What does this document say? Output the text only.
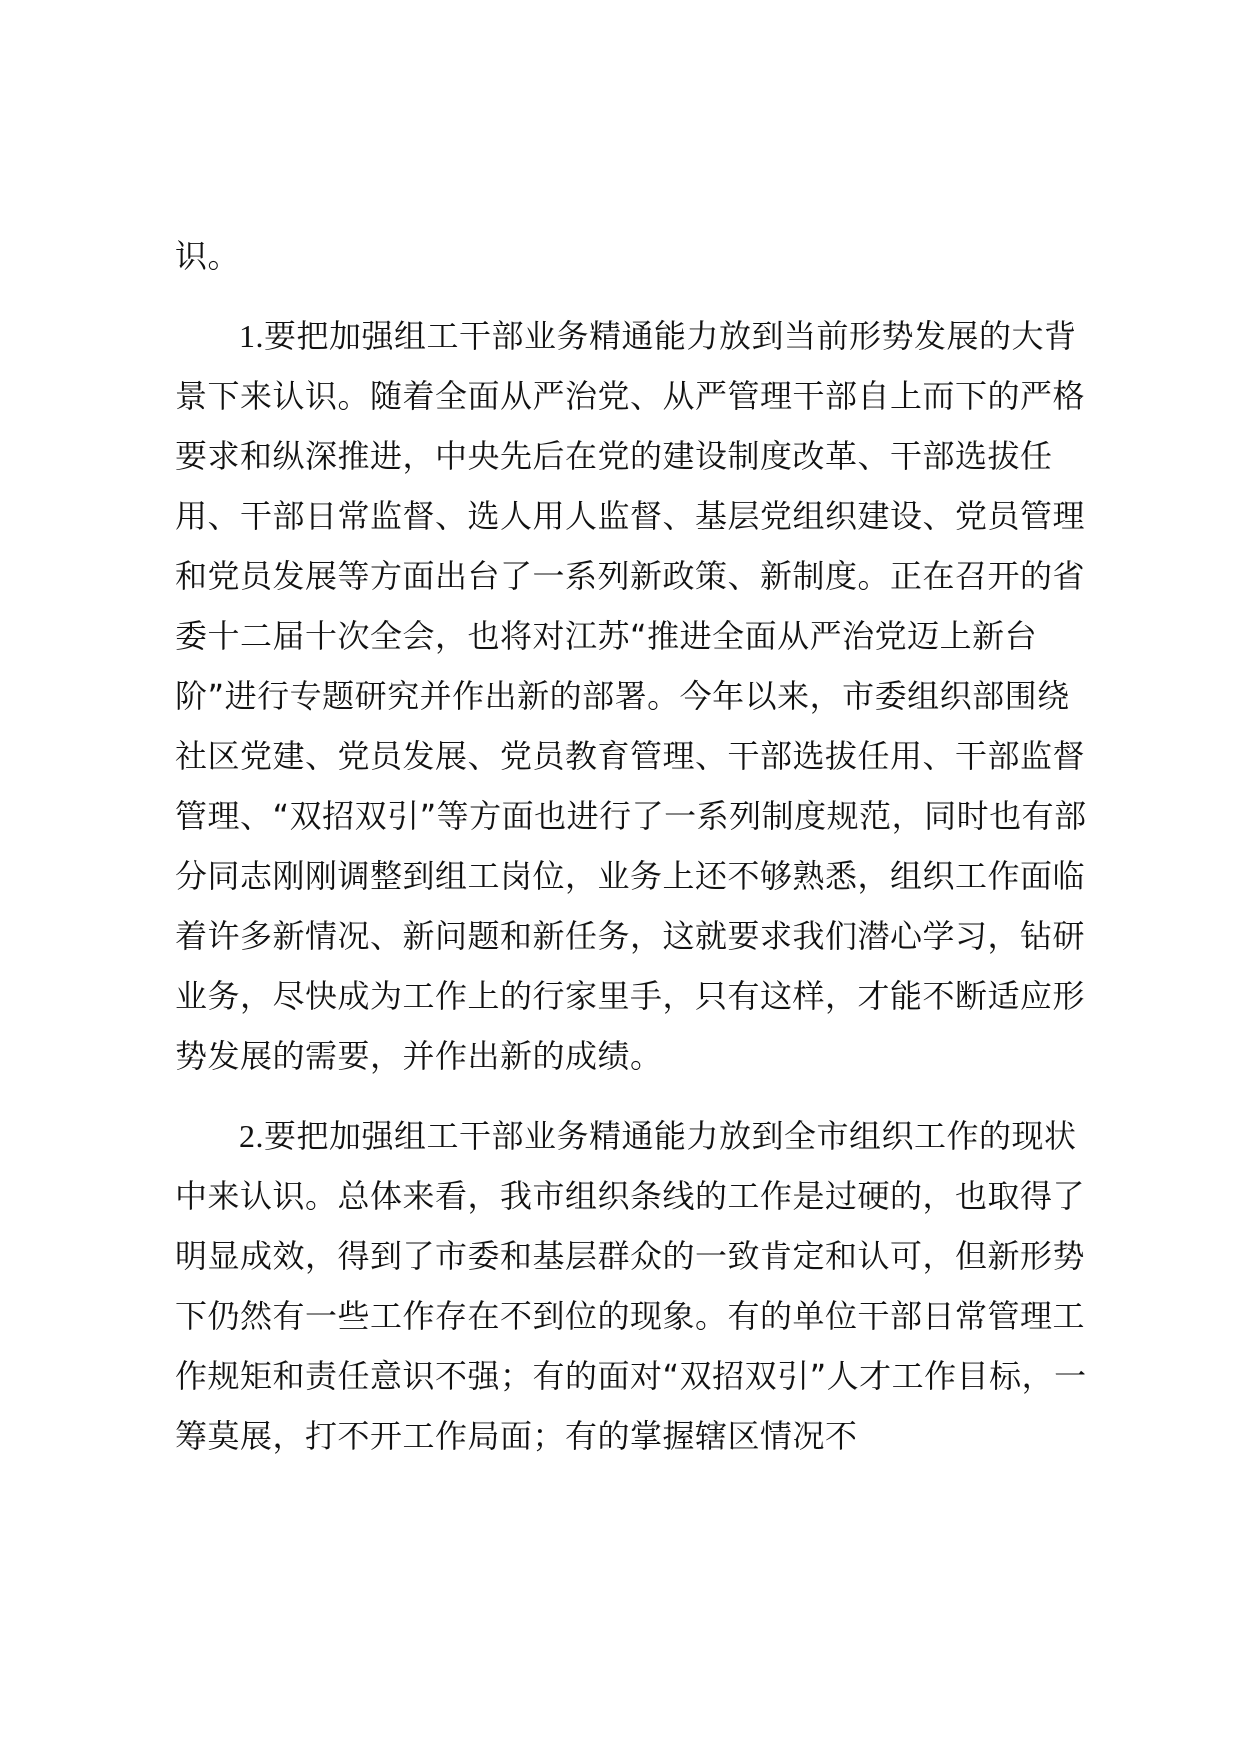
识。

1.要把加强组工干部业务精通能力放到当前形势发展的大背景下来认识。随着全面从严治党、从严管理干部自上而下的严格要求和纵深推进，中央先后在党的建设制度改革、干部选拔任用、干部日常监督、选人用人监督、基层党组织建设、党员管理和党员发展等方面出台了一系列新政策、新制度。正在召开的省委十二届十次全会，也将对江苏“推进全面从严治党迈上新台阶”进行专题研究并作出新的部署。今年以来，市委组织部围绕社区党建、党员发展、党员教育管理、干部选拔任用、干部监督管理、“双招双引”等方面也进行了一系列制度规范，同时也有部分同志刚刚调整到组工岗位，业务上还不够熟悉，组织工作面临着许多新情况、新问题和新任务，这就要求我们潜心学习，钻研业务，尽快成为工作上的行家里手，只有这样，才能不断适应形势发展的需要，并作出新的成绩。

2.要把加强组工干部业务精通能力放到全市组织工作的现状中来认识。总体来看，我市组织条线的工作是过硬的，也取得了明显成效，得到了市委和基层群众的一致肯定和认可，但新形势下仍然有一些工作存在不到位的现象。有的单位干部日常管理工作规矩和责任意识不强；有的面对“双招双引”人才工作目标，一筹莫展，打不开工作局面；有的掌握辖区情况不
